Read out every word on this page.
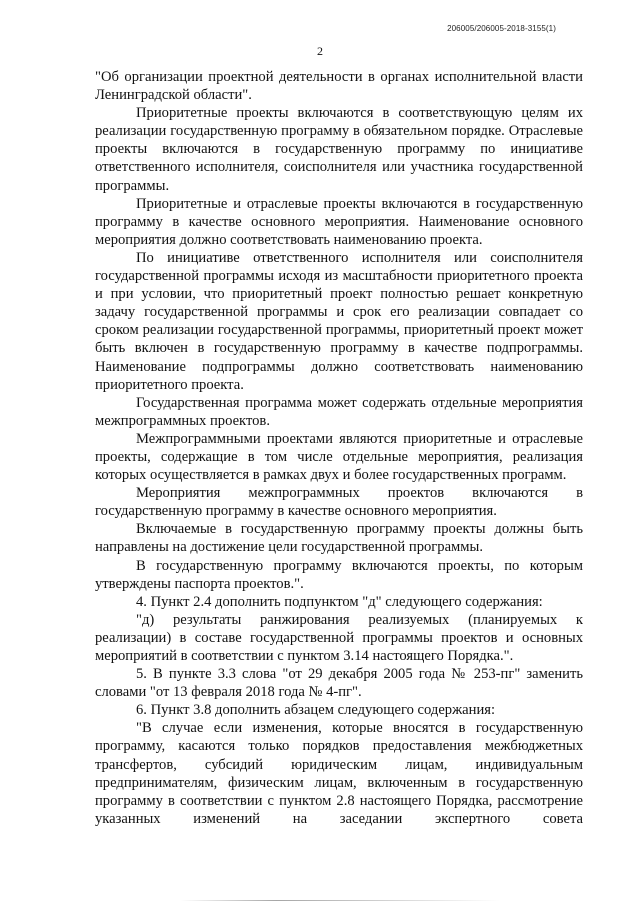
206005/206005-2018-3155(1)
2

"Об организации проектной деятельности в органах исполнительной власти Ленинградской области".

Приоритетные проекты включаются в соответствующую целям их реализации государственную программу в обязательном порядке. Отраслевые проекты включаются в государственную программу по инициативе ответственного исполнителя, соисполнителя или участника государственной программы.

Приоритетные и отраслевые проекты включаются в государственную программу в качестве основного мероприятия. Наименование основного мероприятия должно соответствовать наименованию проекта.

По инициативе ответственного исполнителя или соисполнителя государственной программы исходя из масштабности приоритетного проекта и при условии, что приоритетный проект полностью решает конкретную задачу государственной программы и срок его реализации совпадает со сроком реализации государственной программы, приоритетный проект может быть включен в государственную программу в качестве подпрограммы. Наименование подпрограммы должно соответствовать наименованию приоритетного проекта.

Государственная программа может содержать отдельные мероприятия межпрограммных проектов.

Межпрограммными проектами являются приоритетные и отраслевые проекты, содержащие в том числе отдельные мероприятия, реализация которых осуществляется в рамках двух и более государственных программ.

Мероприятия межпрограммных проектов включаются в государственную программу в качестве основного мероприятия.

Включаемые в государственную программу проекты должны быть направлены на достижение цели государственной программы.

В государственную программу включаются проекты, по которым утверждены паспорта проектов.".

4. Пункт 2.4 дополнить подпунктом "д" следующего содержания:

"д) результаты ранжирования реализуемых (планируемых к реализации) в составе государственной программы проектов и основных мероприятий в соответствии с пунктом 3.14 настоящего Порядка.".

5. В пункте 3.3 слова "от 29 декабря 2005 года № 253-пг" заменить словами "от 13 февраля 2018 года № 4-пг".

6. Пункт 3.8 дополнить абзацем следующего содержания:

"В случае если изменения, которые вносятся в государственную программу, касаются только порядков предоставления межбюджетных трансфертов, субсидий юридическим лицам, индивидуальным предпринимателям, физическим лицам, включенным в государственную программу в соответствии с пунктом 2.8 настоящего Порядка, рассмотрение указанных изменений на заседании экспертного совета
